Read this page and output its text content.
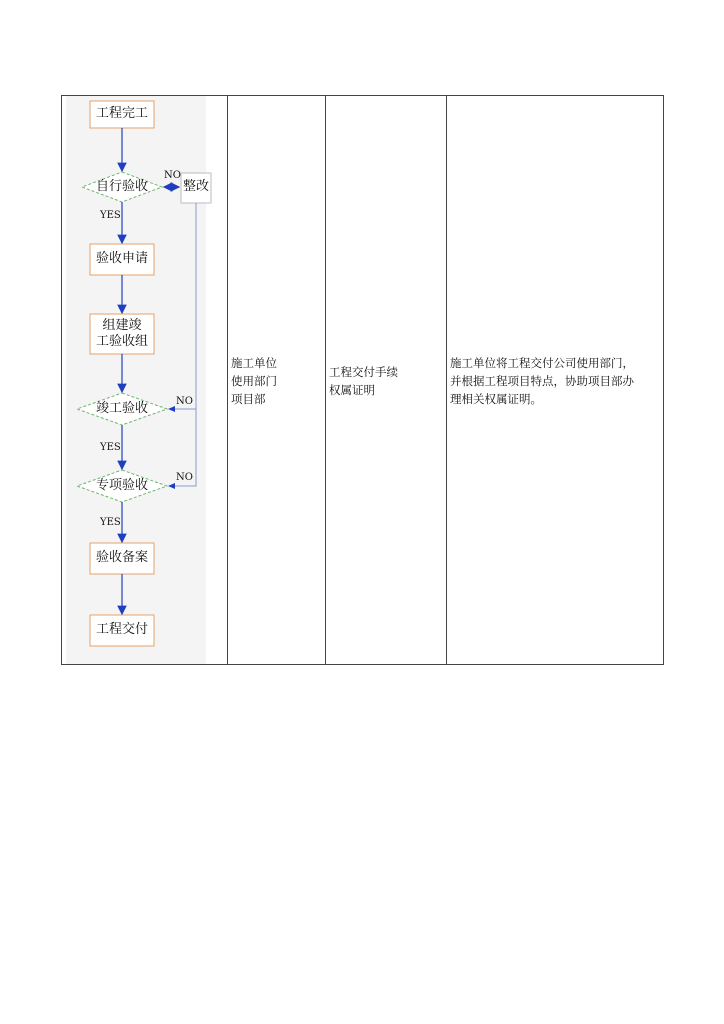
工程完工
自行验收	整改
验收申请
组建竣
工验收组
竣工验收
专项验收
验收备案
工程交付
NO
YES
NO
YES
NO
YES
施工单位
使用部门
项目部
工程交付手续
权属证明
施工单位将工程交付公司使用部门，
并根据工程项目特点，协助项目部办
理相关权属证明。
